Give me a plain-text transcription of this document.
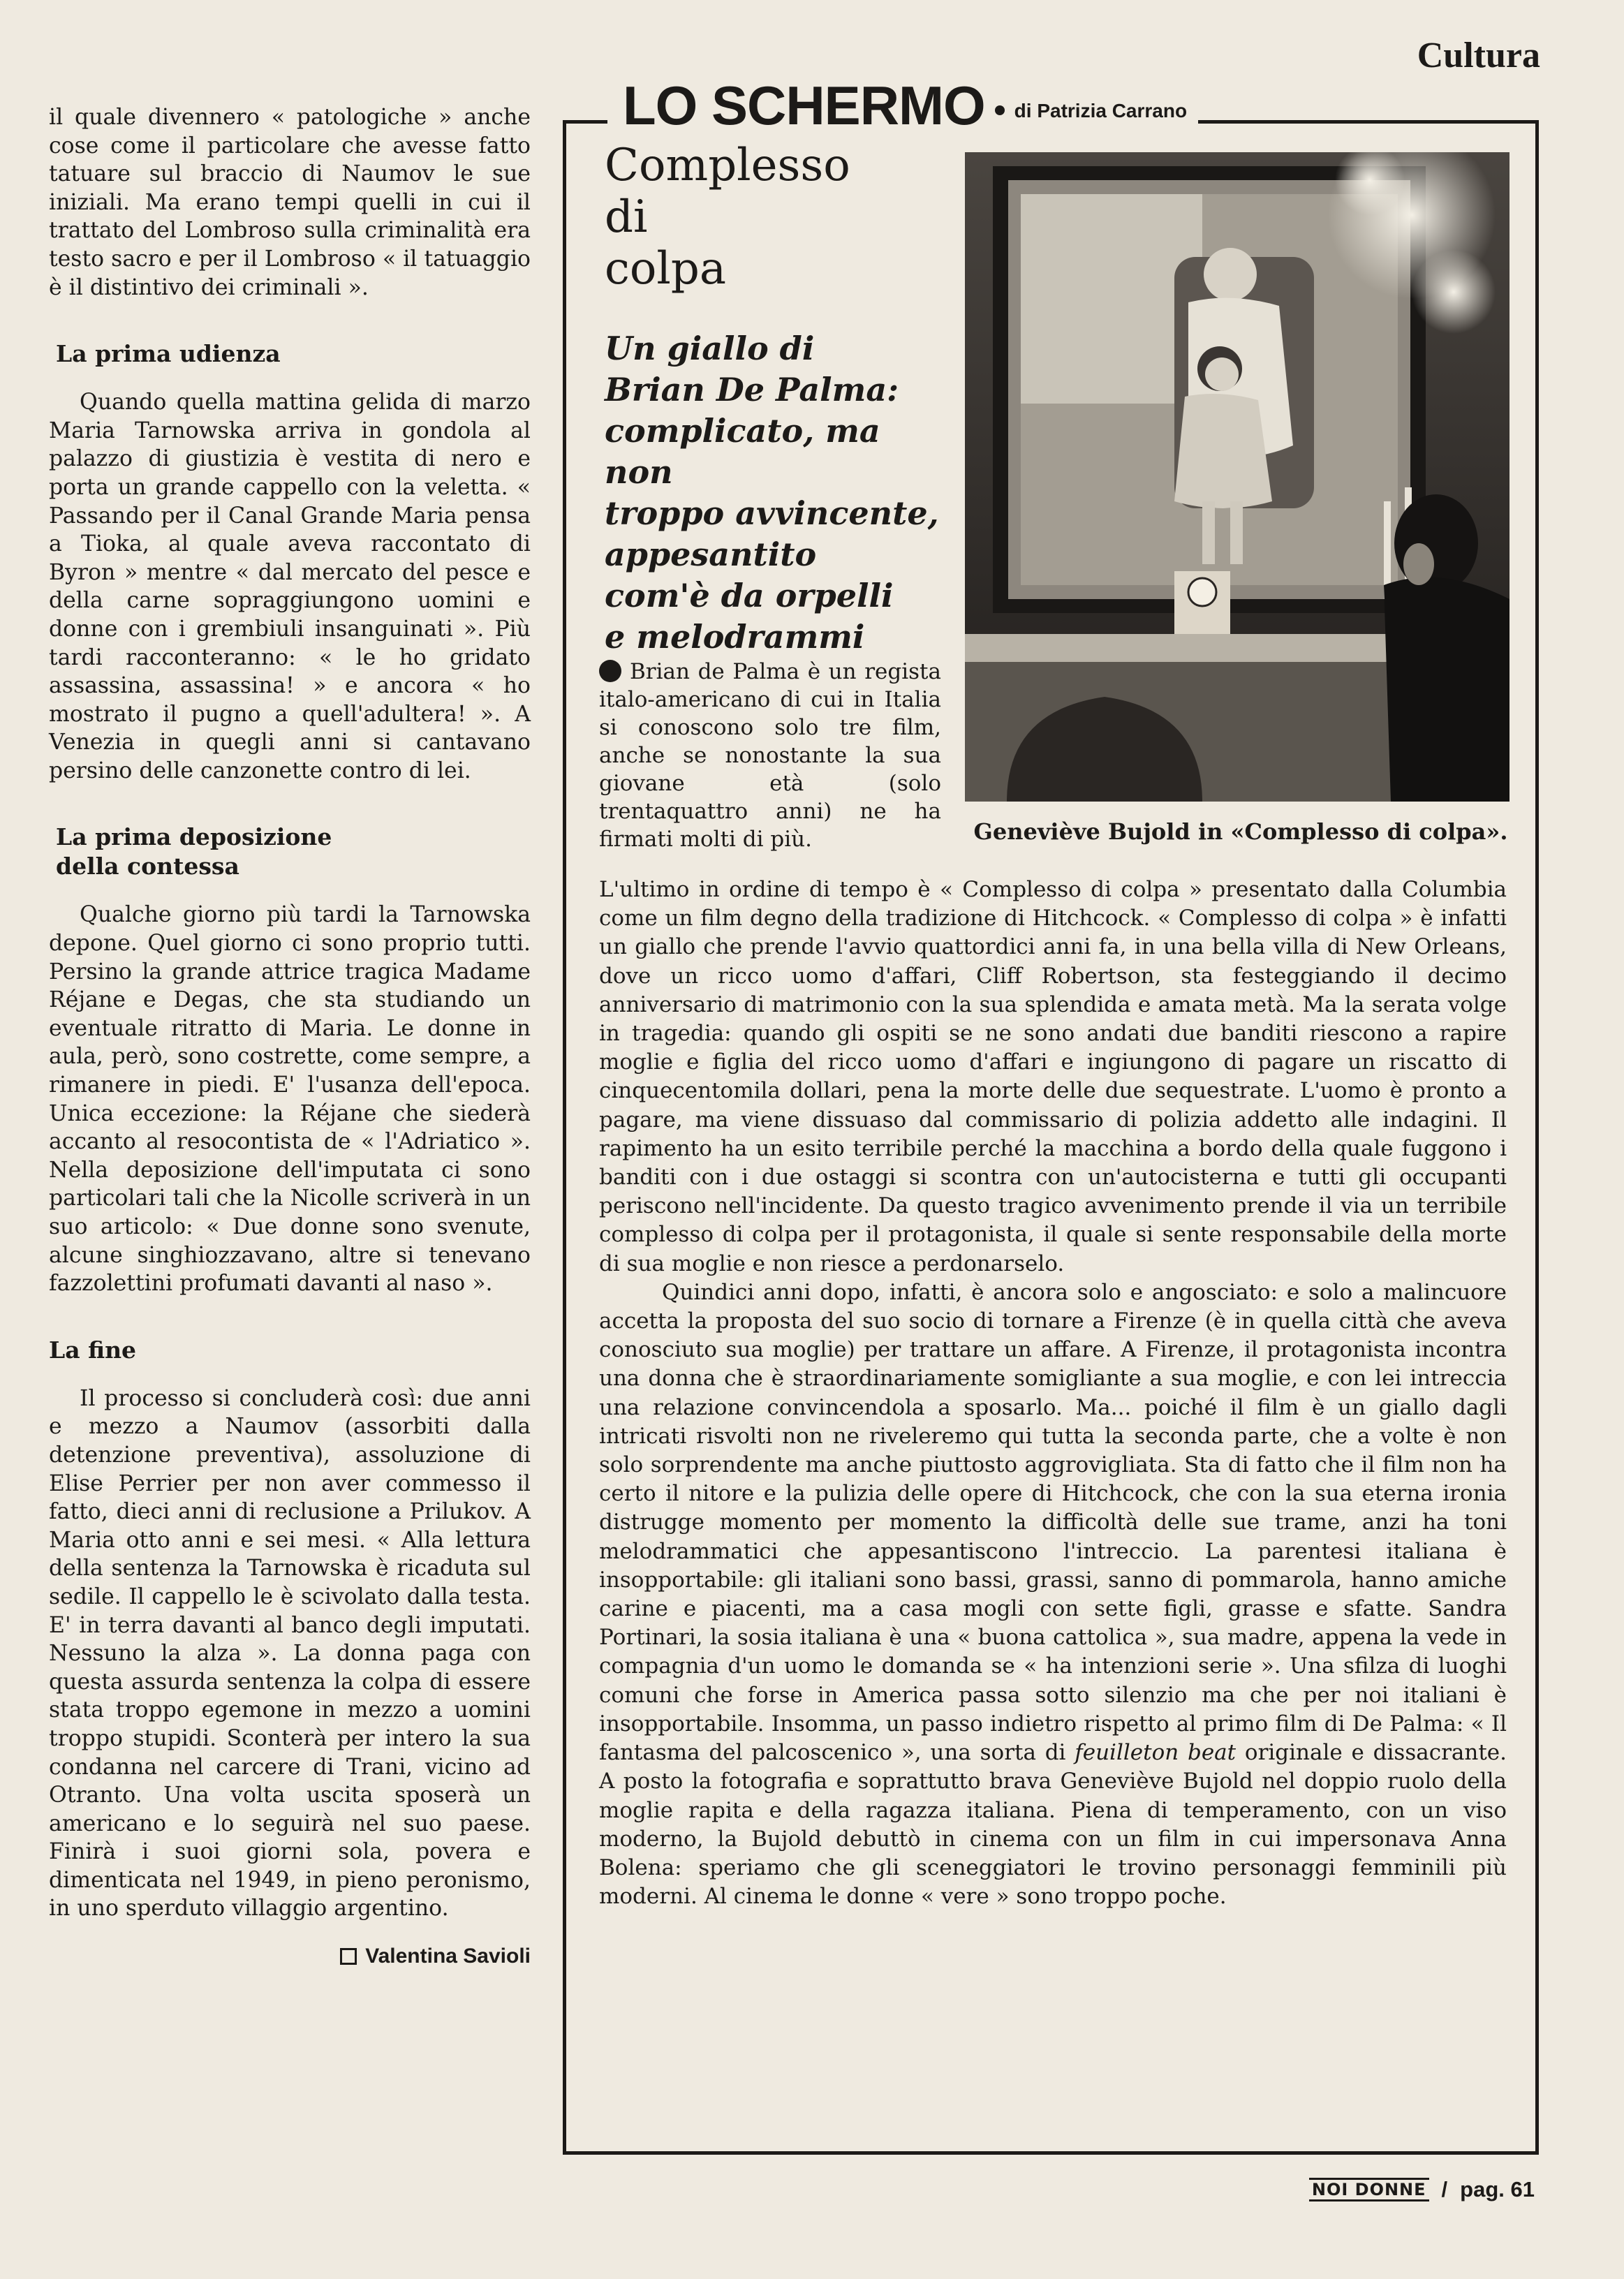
Cultura

il quale divennero « patologiche » anche cose come il particolare che avesse fatto tatuare sul braccio di Naumov le sue iniziali. Ma erano tempi quelli in cui il trattato del Lombroso sulla criminalità era testo sacro e per il Lombroso « il tatuaggio è il distintivo dei criminali ».

La prima udienza

Quando quella mattina gelida di marzo Maria Tarnowska arriva in gondola al palazzo di giustizia è vestita di nero e porta un grande cappello con la veletta. « Passando per il Canal Grande Maria pensa a Tioka, al quale aveva raccontato di Byron » mentre « dal mercato del pesce e della carne sopraggiungono uomini e donne con i grembiuli insanguinati ». Più tardi racconteranno: « le ho gridato assassina, assassina! » e ancora « ho mostrato il pugno a quell'adultera! ». A Venezia in quegli anni si cantavano persino delle canzonette contro di lei.

La prima deposizione della contessa

Qualche giorno più tardi la Tarnowska depone. Quel giorno ci sono proprio tutti. Persino la grande attrice tragica Madame Réjane e Degas, che sta studiando un eventuale ritratto di Maria. Le donne in aula, però, sono costrette, come sempre, a rimanere in piedi. E' l'usanza dell'epoca. Unica eccezione: la Réjane che siederà accanto al resocontista de « l'Adriatico ». Nella deposizione dell'imputata ci sono particolari tali che la Nicolle scriverà in un suo articolo: « Due donne sono svenute, alcune singhiozzavano, altre si tenevano fazzolettini profumati davanti al naso ».

La fine

Il processo si concluderà così: due anni e mezzo a Naumov (assorbiti dalla detenzione preventiva), assoluzione di Elise Perrier per non aver commesso il fatto, dieci anni di reclusione a Prilukov. A Maria otto anni e sei mesi. « Alla lettura della sentenza la Tarnowska è ricaduta sul sedile. Il cappello le è scivolato dalla testa. E' in terra davanti al banco degli imputati. Nessuno la alza ». La donna paga con questa assurda sentenza la colpa di essere stata troppo egemone in mezzo a uomini troppo stupidi. Sconterà per intero la sua condanna nel carcere di Trani, vicino ad Otranto. Una volta uscita sposerà un americano e lo seguirà nel suo paese. Finirà i suoi giorni sola, povera e dimenticata nel 1949, in pieno peronismo, in uno sperduto villaggio argentino.

Valentina Savioli
LO SCHERMO di Patrizia Carrano
Complesso
di
colpa
Un giallo di
Brian De Palma:
complicato, ma non
troppo avvincente,
appesantito
com'è da orpelli
e melodrammi
Geneviève Bujold in «Complesso di colpa».

Brian de Palma è un regista italo-americano di cui in Italia si conoscono solo tre film, anche se nonostante la sua giovane età (solo trentaquattro anni) ne ha firmati molti di più.

L'ultimo in ordine di tempo è « Complesso di colpa » presentato dalla Columbia come un film degno della tradizione di Hitchcock. « Complesso di colpa » è infatti un giallo che prende l'avvio quattordici anni fa, in una bella villa di New Orleans, dove un ricco uomo d'affari, Cliff Robertson, sta festeggiando il decimo anniversario di matrimonio con la sua splendida e amata metà. Ma la serata volge in tragedia: quando gli ospiti se ne sono andati due banditi riescono a rapire moglie e figlia del ricco uomo d'affari e ingiungono di pagare un riscatto di cinquecentomila dollari, pena la morte delle due sequestrate. L'uomo è pronto a pagare, ma viene dissuaso dal commissario di polizia addetto alle indagini. Il rapimento ha un esito terribile perché la macchina a bordo della quale fuggono i banditi con i due ostaggi si scontra con un'autocisterna e tutti gli occupanti periscono nell'incidente. Da questo tragico avvenimento prende il via un terribile complesso di colpa per il protagonista, il quale si sente responsabile della morte di sua moglie e non riesce a perdonarselo.

Quindici anni dopo, infatti, è ancora solo e angosciato: e solo a malincuore accetta la proposta del suo socio di tornare a Firenze (è in quella città che aveva conosciuto sua moglie) per trattare un affare. A Firenze, il protagonista incontra una donna che è straordinariamente somigliante a sua moglie, e con lei intreccia una relazione convincendola a sposarlo. Ma... poiché il film è un giallo dagli intricati risvolti non ne riveleremo qui tutta la seconda parte, che a volte è non solo sorprendente ma anche piuttosto aggrovigliata. Sta di fatto che il film non ha certo il nitore e la pulizia delle opere di Hitchcock, che con la sua eterna ironia distrugge momento per momento la difficoltà delle sue trame, anzi ha toni melodrammatici che appesantiscono l'intreccio. La parentesi italiana è insopportabile: gli italiani sono bassi, grassi, sanno di pommarola, hanno amiche carine e piacenti, ma a casa mogli con sette figli, grasse e sfatte. Sandra Portinari, la sosia italiana è una « buona cattolica », sua madre, appena la vede in compagnia d'un uomo le domanda se « ha intenzioni serie ». Una sfilza di luoghi comuni che forse in America passa sotto silenzio ma che per noi italiani è insopportabile. Insomma, un passo indietro rispetto al primo film di De Palma: « Il fantasma del palcoscenico », una sorta di feuilleton beat originale e dissacrante. A posto la fotografia e soprattutto brava Geneviève Bujold nel doppio ruolo della moglie rapita e della ragazza italiana. Piena di temperamento, con un viso moderno, la Bujold debuttò in cinema con un film in cui impersonava Anna Bolena: speriamo che gli sceneggiatori le trovino personaggi femminili più moderni. Al cinema le donne « vere » sono troppo poche.

NOI DONNE / pag. 61
